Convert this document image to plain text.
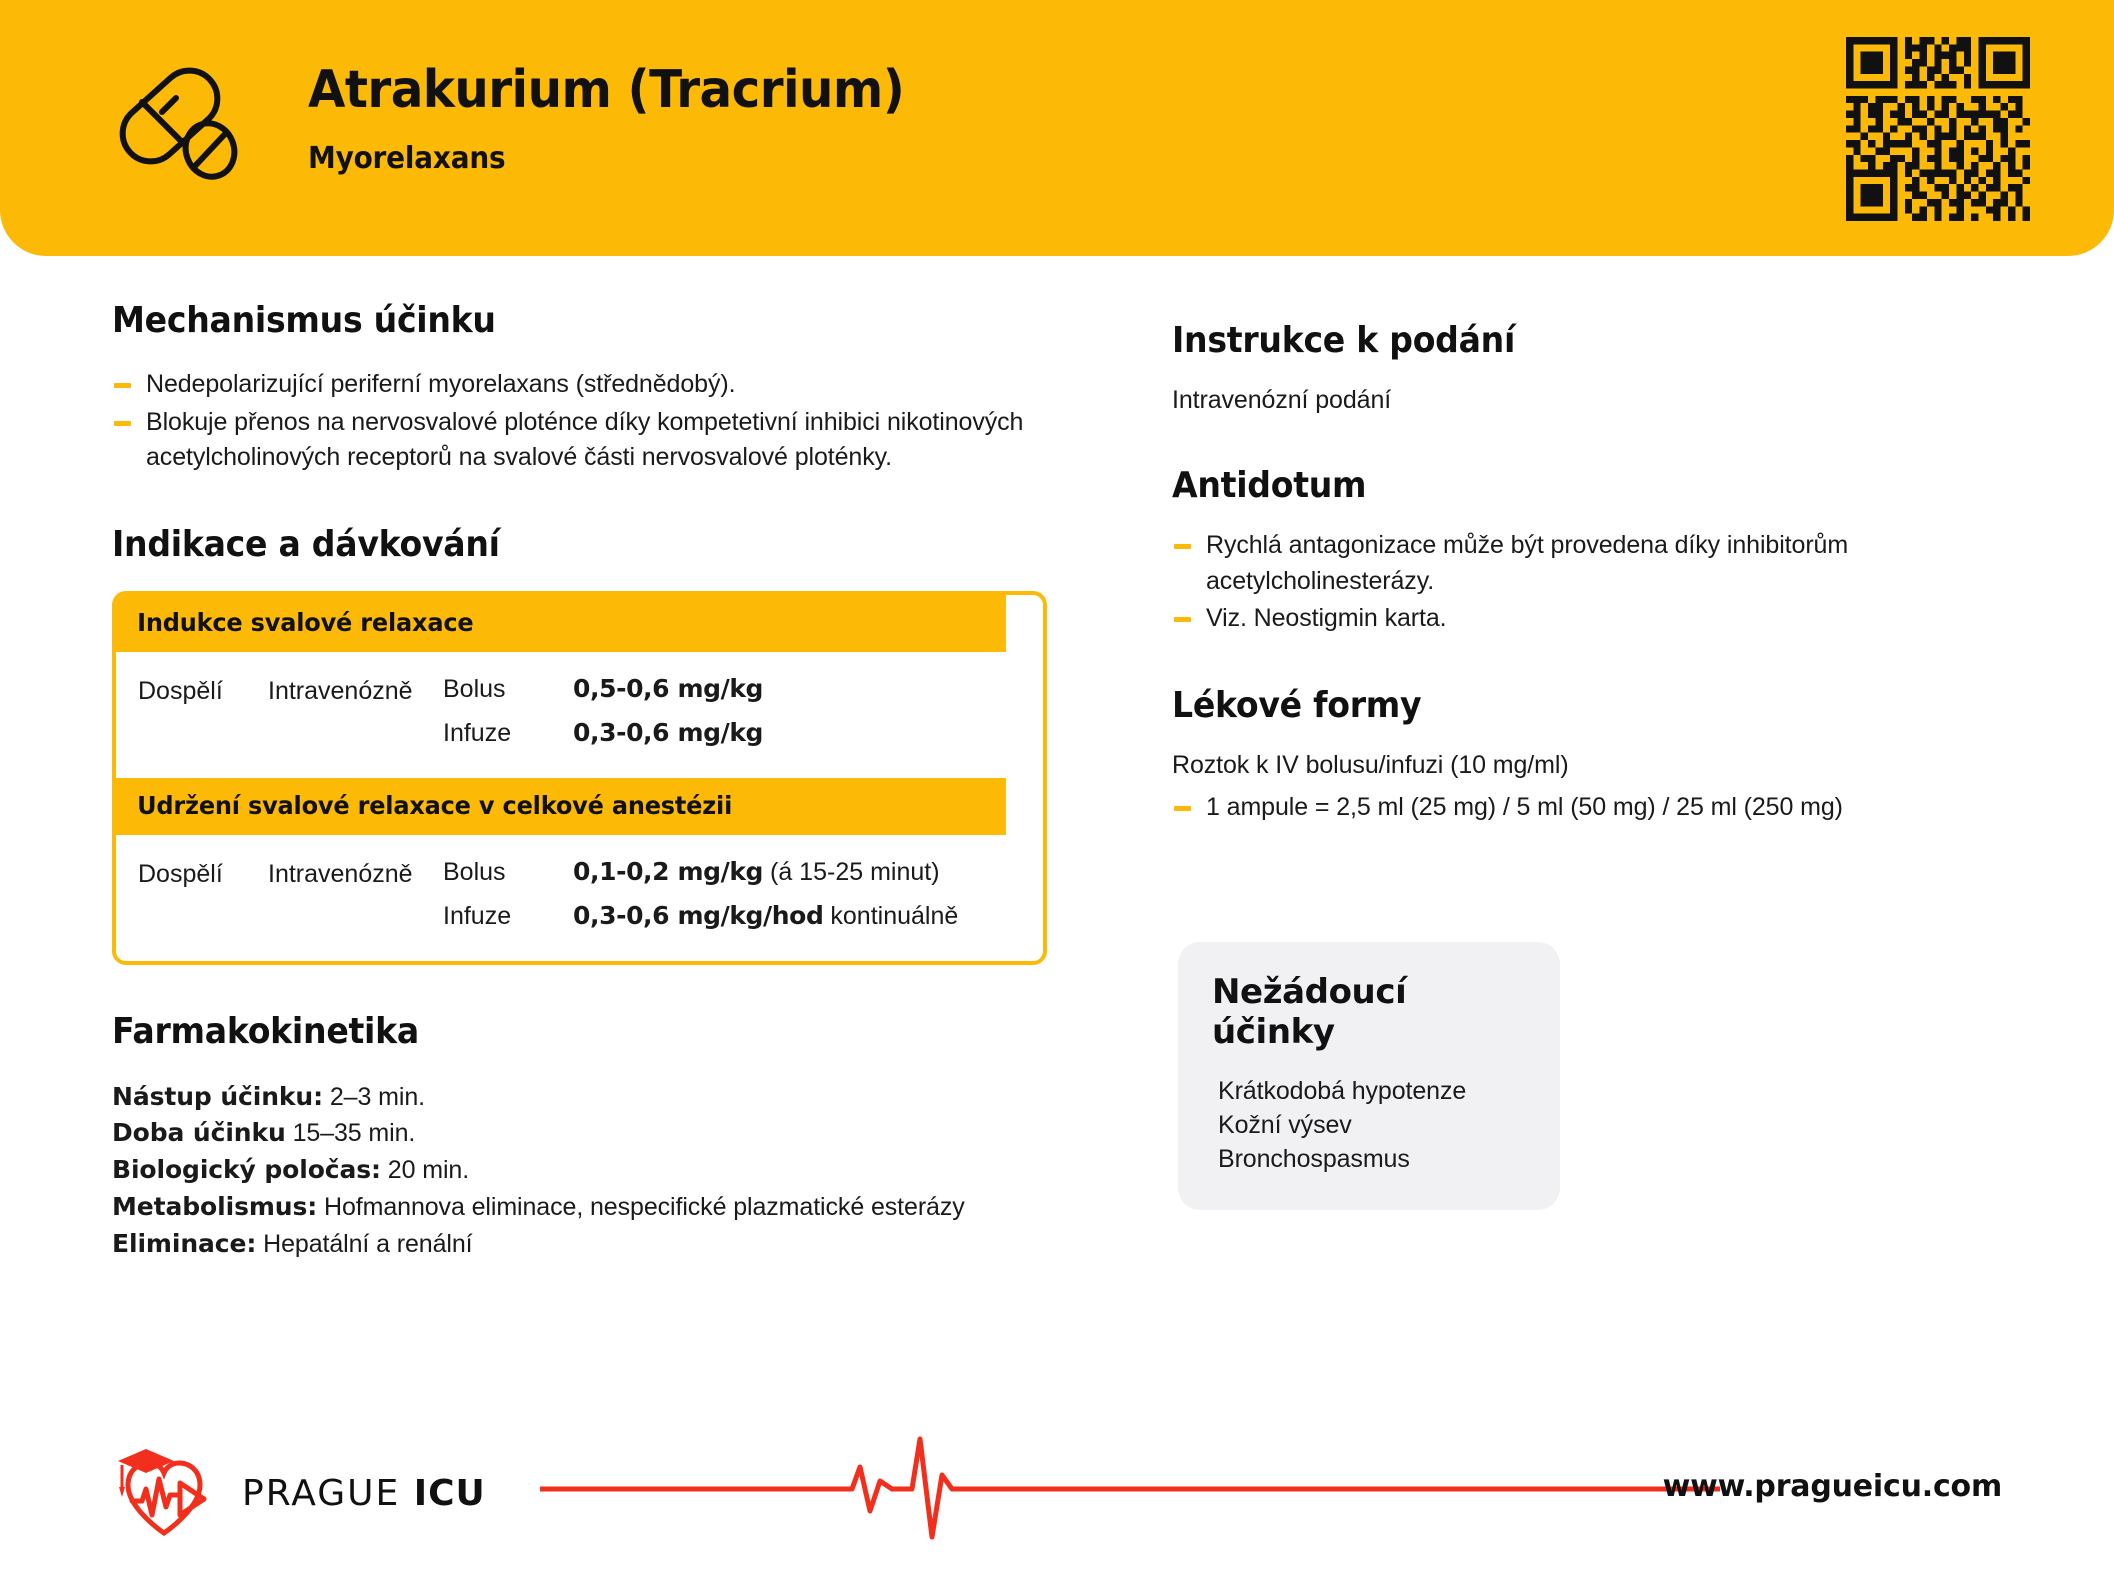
Atrakurium (Tracrium)
Myorelaxans
Mechanismus účinku
Nedepolarizující periferní myorelaxans (střednědobý).
Blokuje přenos na nervosvalové ploténce díky kompetetivní inhibici nikotinových acetylcholinových receptorů na svalové části nervosvalové ploténky.
Indikace a dávkování
Indukce svalové relaxace
Dospělí	Intravenózně	Bolus	0,5-0,6 mg/kg
Infuze	0,3-0,6 mg/kg
Udržení svalové relaxace v celkové anestézii
Dospělí	Intravenózně	Bolus	0,1-0,2 mg/kg (á 15-25 minut)
Infuze	0,3-0,6 mg/kg/hod kontinuálně
Farmakokinetika
Nástup účinku: 2–3 min.
Doba účinku 15–35 min.
Biologický poločas: 20 min.
Metabolismus: Hofmannova eliminace, nespecifické plazmatické esterázy
Eliminace: Hepatální a renální
Instrukce k podání

Intravenózní podání

Antidotum
Rychlá antagonizace může být provedena díky inhibitorům acetylcholinesterázy.
Viz. Neostigmin karta.
Lékové formy

Roztok k IV bolusu/infuzi (10 mg/ml)

1 ampule = 2,5 ml (25 mg) / 5 ml (50 mg) / 25 ml (250 mg)
Nežádoucí účinky
Krátkodobá hypotenze
Kožní výsev
Bronchospasmus
PRAGUE ICU	www.pragueicu.com
